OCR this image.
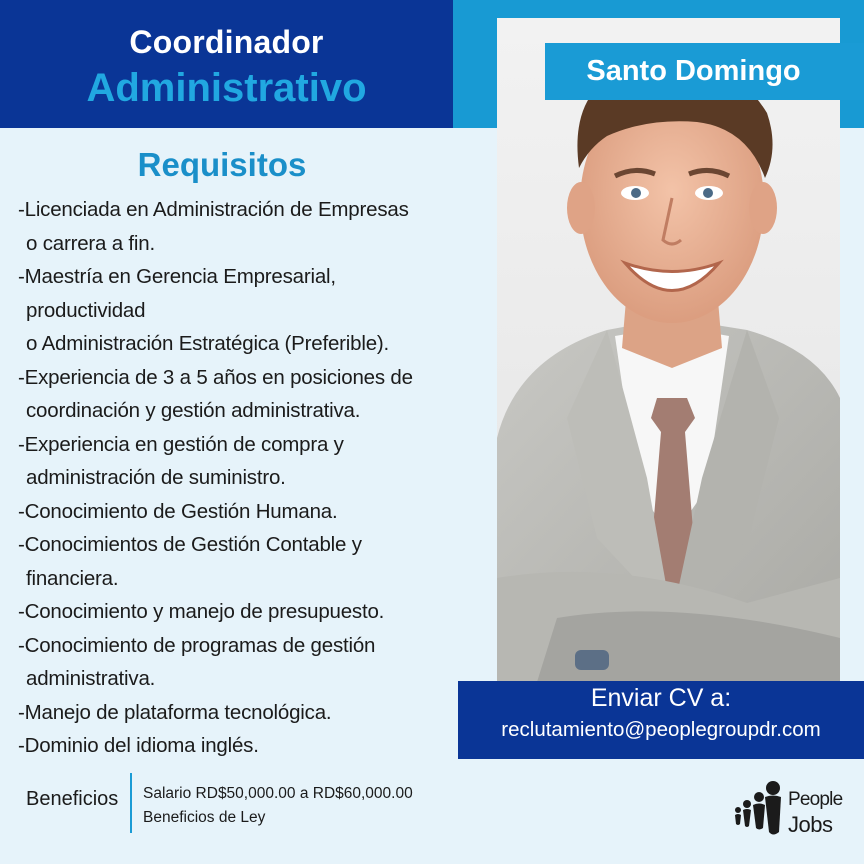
Coordinador
Administrativo	Santo Domingo
Requisitos
-Licenciada en Administración de Empresas
o carrera a fin.
-Maestría en Gerencia Empresarial,
productividad
o Administración Estratégica (Preferible).
-Experiencia de 3 a 5 años en posiciones de
coordinación y gestión administrativa.
-Experiencia en gestión de compra y
administración de suministro.
-Conocimiento de Gestión Humana.
-Conocimientos de Gestión Contable y
financiera.
-Conocimiento y manejo de presupuesto.
-Conocimiento de programas de gestión
administrativa.
-Manejo de plataforma tecnológica.
-Dominio del idioma inglés.
Enviar CV a:
reclutamiento@peoplegroupdr.com
Beneficios Salario RD$50,000.00 a RD$60,000.00
Beneficios de Ley
People
Jobs
